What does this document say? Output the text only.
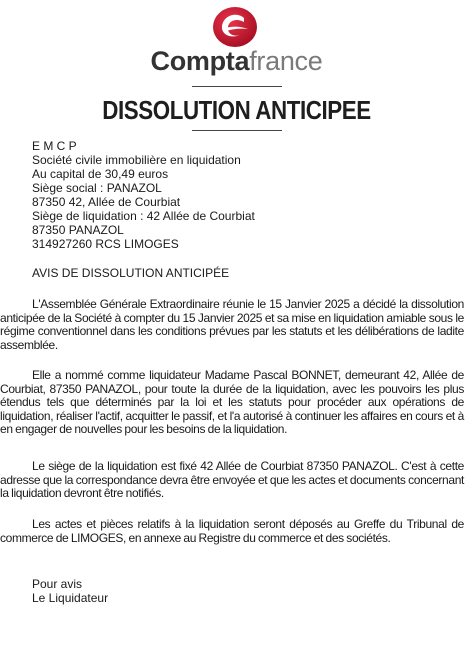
Comptafrance
DISSOLUTION ANTICIPEE
E M C P
Société civile immobilière en liquidation
Au capital de 30,49 euros
Siège social : PANAZOL
87350 42, Allée de Courbiat
Siège de liquidation : 42 Allée de Courbiat
87350 PANAZOL
314927260 RCS LIMOGES
AVIS DE DISSOLUTION ANTICIPÉE
L'Assemblée Générale Extraordinaire réunie le 15 Janvier 2025 a décidé la dissolution anticipée de la Société à compter du 15 Janvier 2025 et sa mise en liquidation amiable sous le régime conventionnel dans les conditions prévues par les statuts et les délibérations de ladite assemblée.
Elle a nommé comme liquidateur Madame Pascal BONNET, demeurant 42, Allée de Courbiat, 87350 PANAZOL, pour toute la durée de la liquidation, avec les pouvoirs les plus étendus tels que déterminés par la loi et les statuts pour procéder aux opérations de liquidation, réaliser l'actif, acquitter le passif, et l'a autorisé à continuer les affaires en cours et à en engager de nouvelles pour les besoins de la liquidation.
Le siège de la liquidation est fixé 42 Allée de Courbiat 87350 PANAZOL. C'est à cette adresse que la correspondance devra être envoyée et que les actes et documents concernant la liquidation devront être notifiés.
Les actes et pièces relatifs à la liquidation seront déposés au Greffe du Tribunal de commerce de LIMOGES, en annexe au Registre du commerce et des sociétés.
Pour avis
Le Liquidateur
